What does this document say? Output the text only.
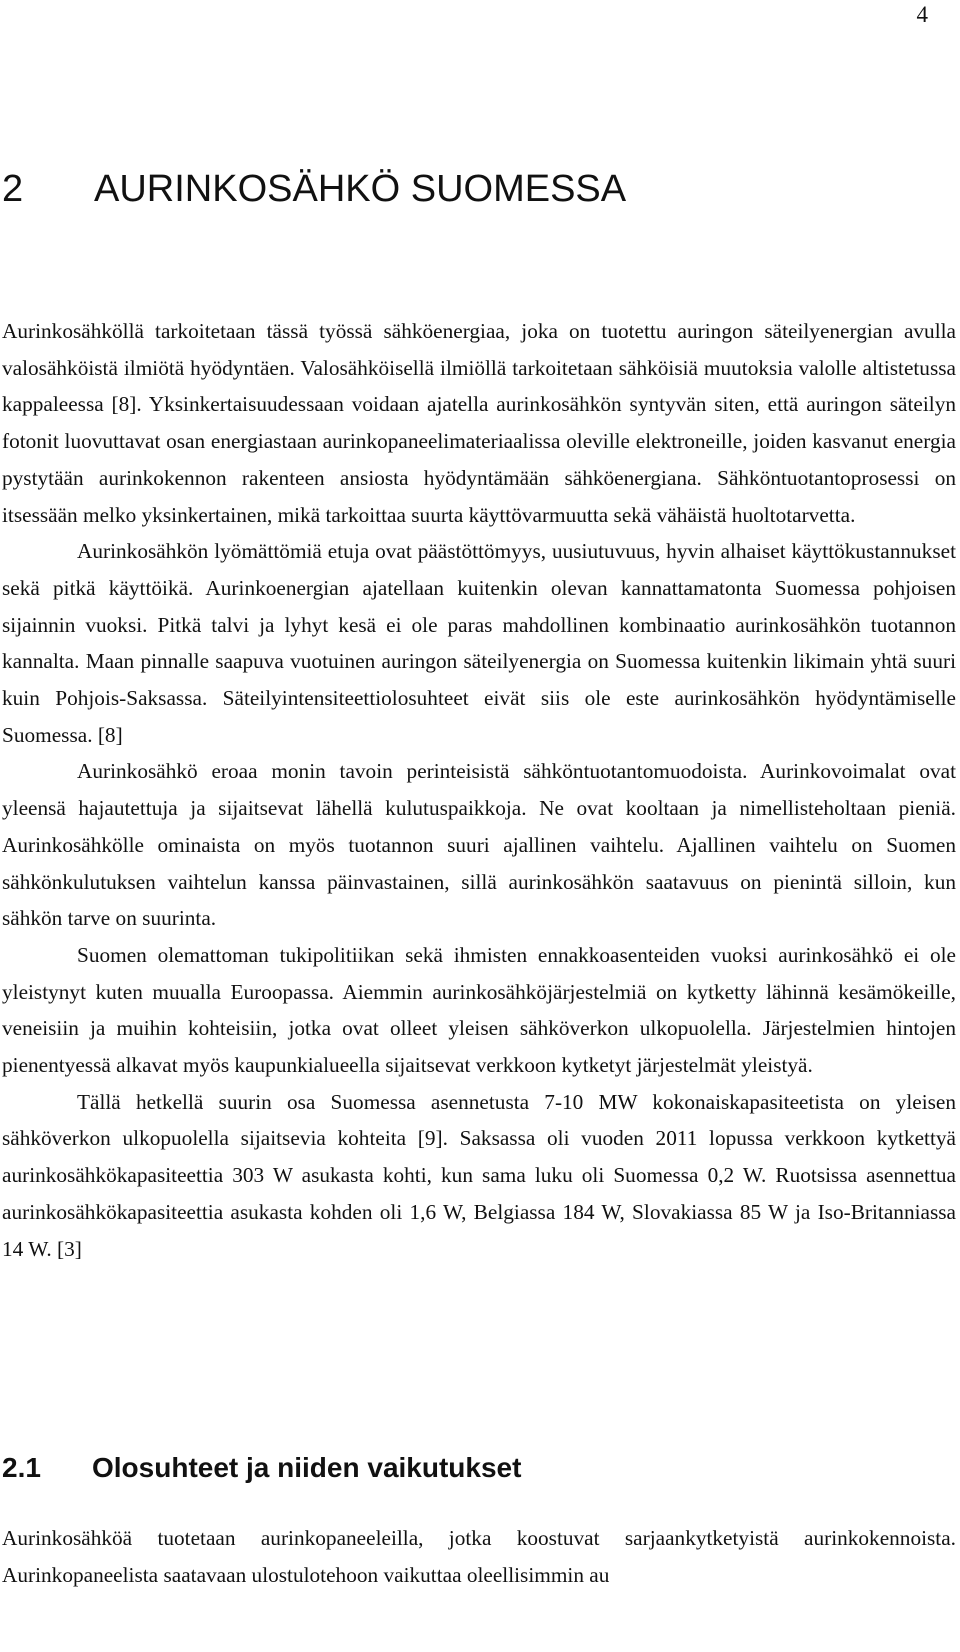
4
2 AURINKOSÄHKÖ SUOMESSA

Aurinkosähköllä tarkoitetaan tässä työssä sähköenergiaa, joka on tuotettu auringon säteilyenergian avulla valosähköistä ilmiötä hyödyntäen. Valosähköisellä ilmiöllä tarkoitetaan sähköisiä muutoksia valolle altistetussa kappaleessa [8]. Yksinkertaisuudessaan voidaan ajatella aurinkosähkön syntyvän siten, että auringon säteilyn fotonit luovuttavat osan energiastaan aurinkopaneelimateriaalissa oleville elektroneille, joiden kasvanut energia pystytään aurinkokennon rakenteen ansiosta hyödyntämään sähköenergiana. Sähköntuotantoprosessi on itsessään melko yksinkertainen, mikä tarkoittaa suurta käyttövarmuutta sekä vähäistä huoltotarvetta.

Aurinkosähkön lyömättömiä etuja ovat päästöttömyys, uusiutuvuus, hyvin alhaiset käyttökustannukset sekä pitkä käyttöikä. Aurinkoenergian ajatellaan kuitenkin olevan kannattamatonta Suomessa pohjoisen sijainnin vuoksi. Pitkä talvi ja lyhyt kesä ei ole paras mahdollinen kombinaatio aurinkosähkön tuotannon kannalta. Maan pinnalle saapuva vuotuinen auringon säteilyenergia on Suomessa kuitenkin likimain yhtä suuri kuin Pohjois-Saksassa. Säteilyintensiteettiolosuhteet eivät siis ole este aurinkosähkön hyödyntämiselle Suomessa. [8]

Aurinkosähkö eroaa monin tavoin perinteisistä sähköntuotantomuodoista. Aurinkovoimalat ovat yleensä hajautettuja ja sijaitsevat lähellä kulutuspaikkoja. Ne ovat kooltaan ja nimellisteholtaan pieniä. Aurinkosähkölle ominaista on myös tuotannon suuri ajallinen vaihtelu. Ajallinen vaihtelu on Suomen sähkönkulutuksen vaihtelun kanssa päinvastainen, sillä aurinkosähkön saatavuus on pienintä silloin, kun sähkön tarve on suurinta.

Suomen olemattoman tukipolitiikan sekä ihmisten ennakkoasenteiden vuoksi aurinkosähkö ei ole yleistynyt kuten muualla Euroopassa. Aiemmin aurinkosähköjärjestelmiä on kytketty lähinnä kesämökeille, veneisiin ja muihin kohteisiin, jotka ovat olleet yleisen sähköverkon ulkopuolella. Järjestelmien hintojen pienentyessä alkavat myös kaupunkialueella sijaitsevat verkkoon kytketyt järjestelmät yleistyä.

Tällä hetkellä suurin osa Suomessa asennetusta 7-10 MW kokonaiskapasiteetista on yleisen sähköverkon ulkopuolella sijaitsevia kohteita [9]. Saksassa oli vuoden 2011 lopussa verkkoon kytkettyä aurinkosähkökapasiteettia 303 W asukasta kohti, kun sama luku oli Suomessa 0,2 W. Ruotsissa asennettua aurinkosähkökapasiteettia asukasta kohden oli 1,6 W, Belgiassa 184 W, Slovakiassa 85 W ja Iso-Britanniassa 14 W. [3]

2.1 Olosuhteet ja niiden vaikutukset

Aurinkosähköä tuotetaan aurinkopaneeleilla, jotka koostuvat sarjaankytketyistä aurinkokennoista. Aurinkopaneelista saatavaan ulostulotehoon vaikuttaa oleellisimmin au
